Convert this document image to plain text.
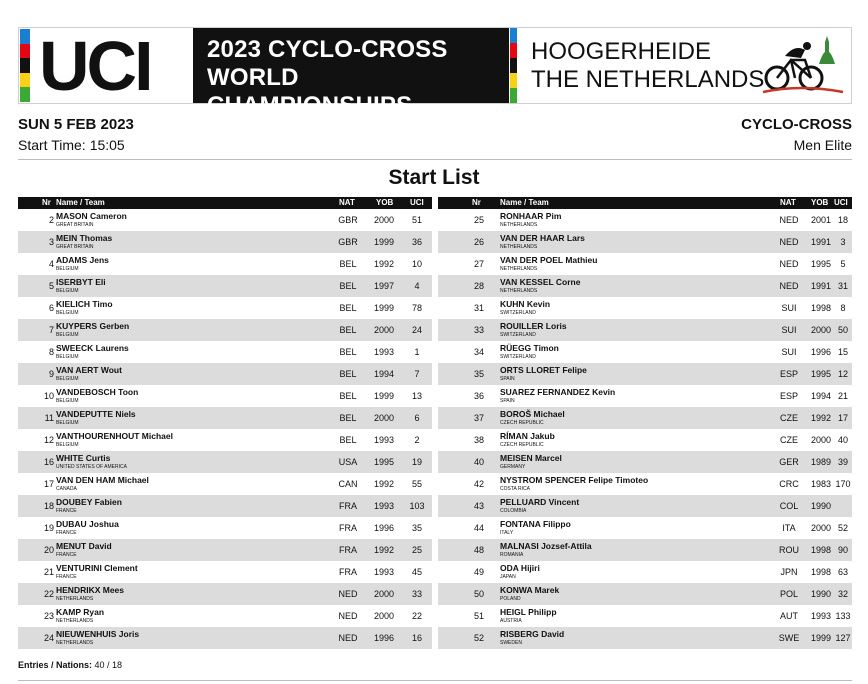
UCI	2023 CYCLO-CROSS
WORLD CHAMPIONSHIPS
HOOGERHEIDE
THE NETHERLANDS
SUN 5 FEB 2023
Start Time: 15:05
CYCLO-CROSS
Men Elite
Start List
Nr Name / Team	NAT	YOB UCI
2 MASON Cameron
GREAT BRITAIN	GBR 2000	51
3 MEIN Thomas
GREAT BRITAIN	GBR 1999	36
4 ADAMS Jens
BELGIUM	BEL	1992	10
5 ISERBYT Eli
BELGIUM	BEL	1997	4
6 KIELICH Timo
BELGIUM	BEL	1999	78
7 KUYPERS Gerben
BELGIUM	BEL	2000	24
8 SWEECK Laurens
BELGIUM	BEL	1993	1
9 VAN AERT Wout
BELGIUM	BEL	1994	7
10 VANDEBOSCH Toon
BELGIUM	BEL	1999	13
11 VANDEPUTTE Niels
BELGIUM	BEL	2000	6
12 VANTHOURENHOUT Michael
BELGIUM	BEL	1993	2
16 WHITE Curtis
UNITED STATES OF AMERICA	USA	1995	19
17 VAN DEN HAM Michael
CANADA	CAN 1992	55
18 DOUBEY Fabien
FRANCE	FRA	1993	103
19 DUBAU Joshua
FRANCE	FRA	1996	35
20 MENUT David
FRANCE	FRA	1992	25
21 VENTURINI Clement
FRANCE	FRA	1993	45
22 HENDRIKX Mees
NETHERLANDS	NED 2000	33
23 KAMP Ryan
NETHERLANDS	NED 2000	22
24 NIEUWENHUIS Joris
NETHERLANDS	NED 1996	16
Nr Name / Team	NAT YOB UCI
25 RONHAAR Pim
NETHERLANDS	NED 2001 18
26 VAN DER HAAR Lars
NETHERLANDS	NED 1991	3
27 VAN DER POEL Mathieu
NETHERLANDS	NED 1995	5
28 VAN KESSEL Corne
NETHERLANDS	NED 1991 31
31 KUHN Kevin
SWITZERLAND	SUI	1998	8
33 ROUILLER Loris
SWITZERLAND	SUI	2000 50
34 RÜEGG Timon
SWITZERLAND	SUI	1996 15
35 ORTS LLORET Felipe
SPAIN	ESP	1995 12
36 SUAREZ FERNANDEZ Kevin
SPAIN	ESP	1994 21
37 BOROŠ Michael
CZECH REPUBLIC	CZE	1992 17
38 RÍMAN Jakub
CZECH REPUBLIC	CZE	2000 40
40 MEISEN Marcel
GERMANY	GER 1989 39
42 NYSTROM SPENCER Felipe Timoteo
COSTA RICA	CRC 1983 170
43 PELLUARD Vincent
COLOMBIA	COL	1990
44 FONTANA Filippo
ITALY	ITA	2000 52
48 MALNASI Jozsef-Attila
ROMANIA	ROU 1998 90
49 ODA Hijiri
JAPAN	JPN	1998 63
50 KONWA Marek
POLAND	POL	1990 32
51 HEIGL Philipp
AUSTRIA	AUT	1993 133
52 RISBERG David
SWEDEN	SWE 1999 127
Entries / Nations: 40 / 18
